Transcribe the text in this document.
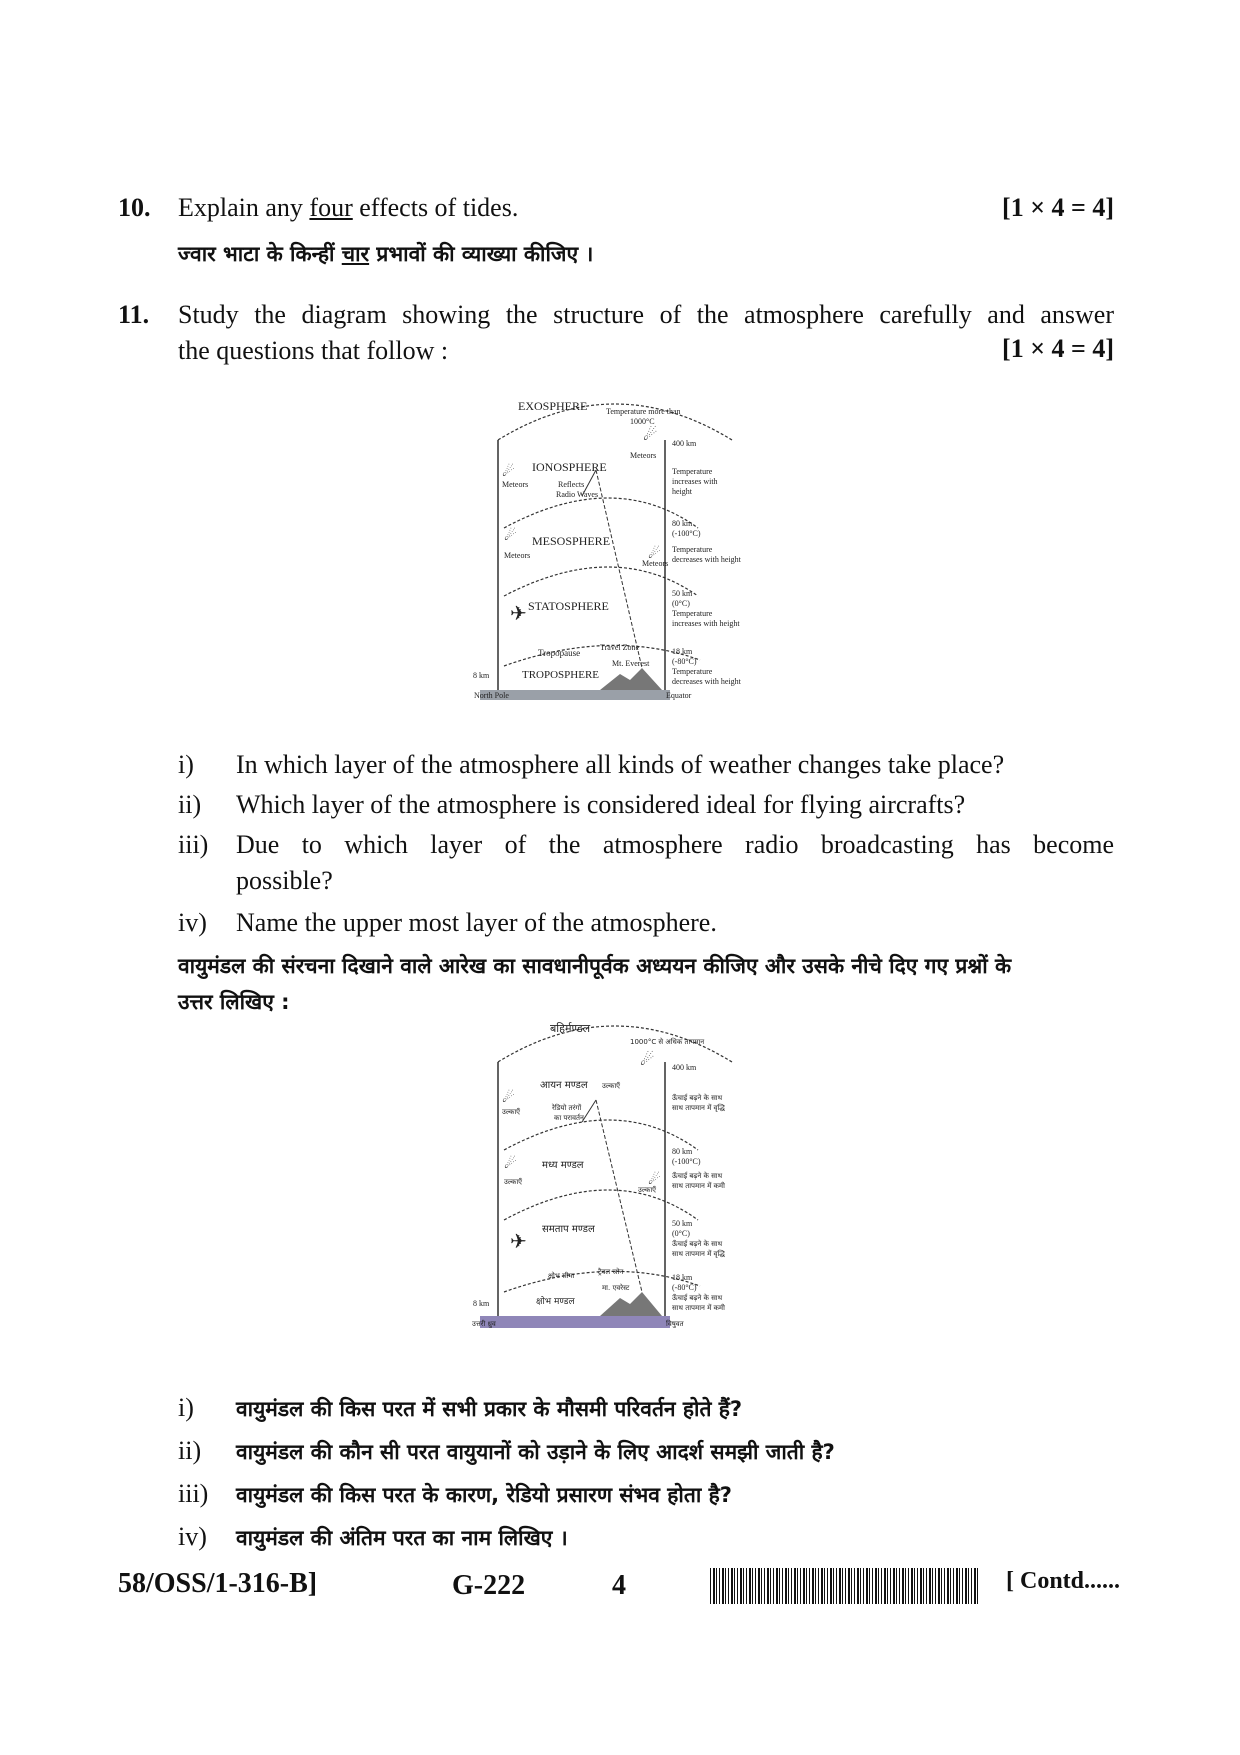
10. Explain any four effects of tides.	[1 × 4 = 4]
ज्वार भाटा के किन्हीं चार प्रभावों की व्याख्या कीजिए ।
11. Study the diagram showing the structure of the atmosphere carefully and answer
the questions that follow :	[1 × 4 = 4]
☄
☄
☄
☄
✈
EXOSPHERE Temperature more than
1000°C
400 km
Meteors
IONOSPHERE
Meteors	Reflects
Radio Waves
Temperature
increases with
height
80 km
(-100°C)
MESOSPHERE
Meteors
Meteors
Temperature
decreases with height
50 km
(0°C)
Temperature
increases with height
STATOSPHERE
Tropopause
Travel Zone
Mt. Everest
TROPOSPHERE
18 km
(-80°C)
Temperature
decreases with height
8 km
North Pole	Equator
i) In which layer of the atmosphere all kinds of weather changes take place?
ii) Which layer of the atmosphere is considered ideal for flying aircrafts?
iii) Due to which layer of the atmosphere radio broadcasting has become
possible?
iv) Name the upper most layer of the atmosphere.
वायुमंडल की संरचना दिखाने वाले आरेख का सावधानीपूर्वक अध्ययन कीजिए और उसके नीचे दिए गए प्रश्नों के
उत्तर लिखिए :
☄
☄
☄
☄
✈
बहिर्मण्डल
1000°C से अधिक तापमान
400 km
आयन मण्डल उल्काएँ
उल्काएँ	रेडियो तरंगों
का परावर्तन
ऊँचाई बढ़ने के साथ
साथ तापमान में वृद्धि
80 km
(-100°C)
मध्य मण्डल
उल्काएँ
उल्काएँ
ऊँचाई बढ़ने के साथ
साथ तापमान में कमी
50 km
(0°C)
ऊँचाई बढ़ने के साथ
साथ तापमान में वृद्धि
समताप मण्डल
क्षोभ सीमा	ट्रैवल जोन
मा. एवरेस्ट
क्षोभ मण्डल
18 km
(-80°C)
ऊँचाई बढ़ने के साथ
साथ तापमान में कमी
8 km
उत्तरी ध्रुव	विषुवत
i) वायुमंडल की किस परत में सभी प्रकार के मौसमी परिवर्तन होते हैं?
ii) वायुमंडल की कौन सी परत वायुयानों को उड़ाने के लिए आदर्श समझी जाती है?
iii) वायुमंडल की किस परत के कारण, रेडियो प्रसारण संभव होता है?
iv) वायुमंडल की अंतिम परत का नाम लिखिए ।
58/OSS/1-316-B]	G-222	4	[ Contd......
